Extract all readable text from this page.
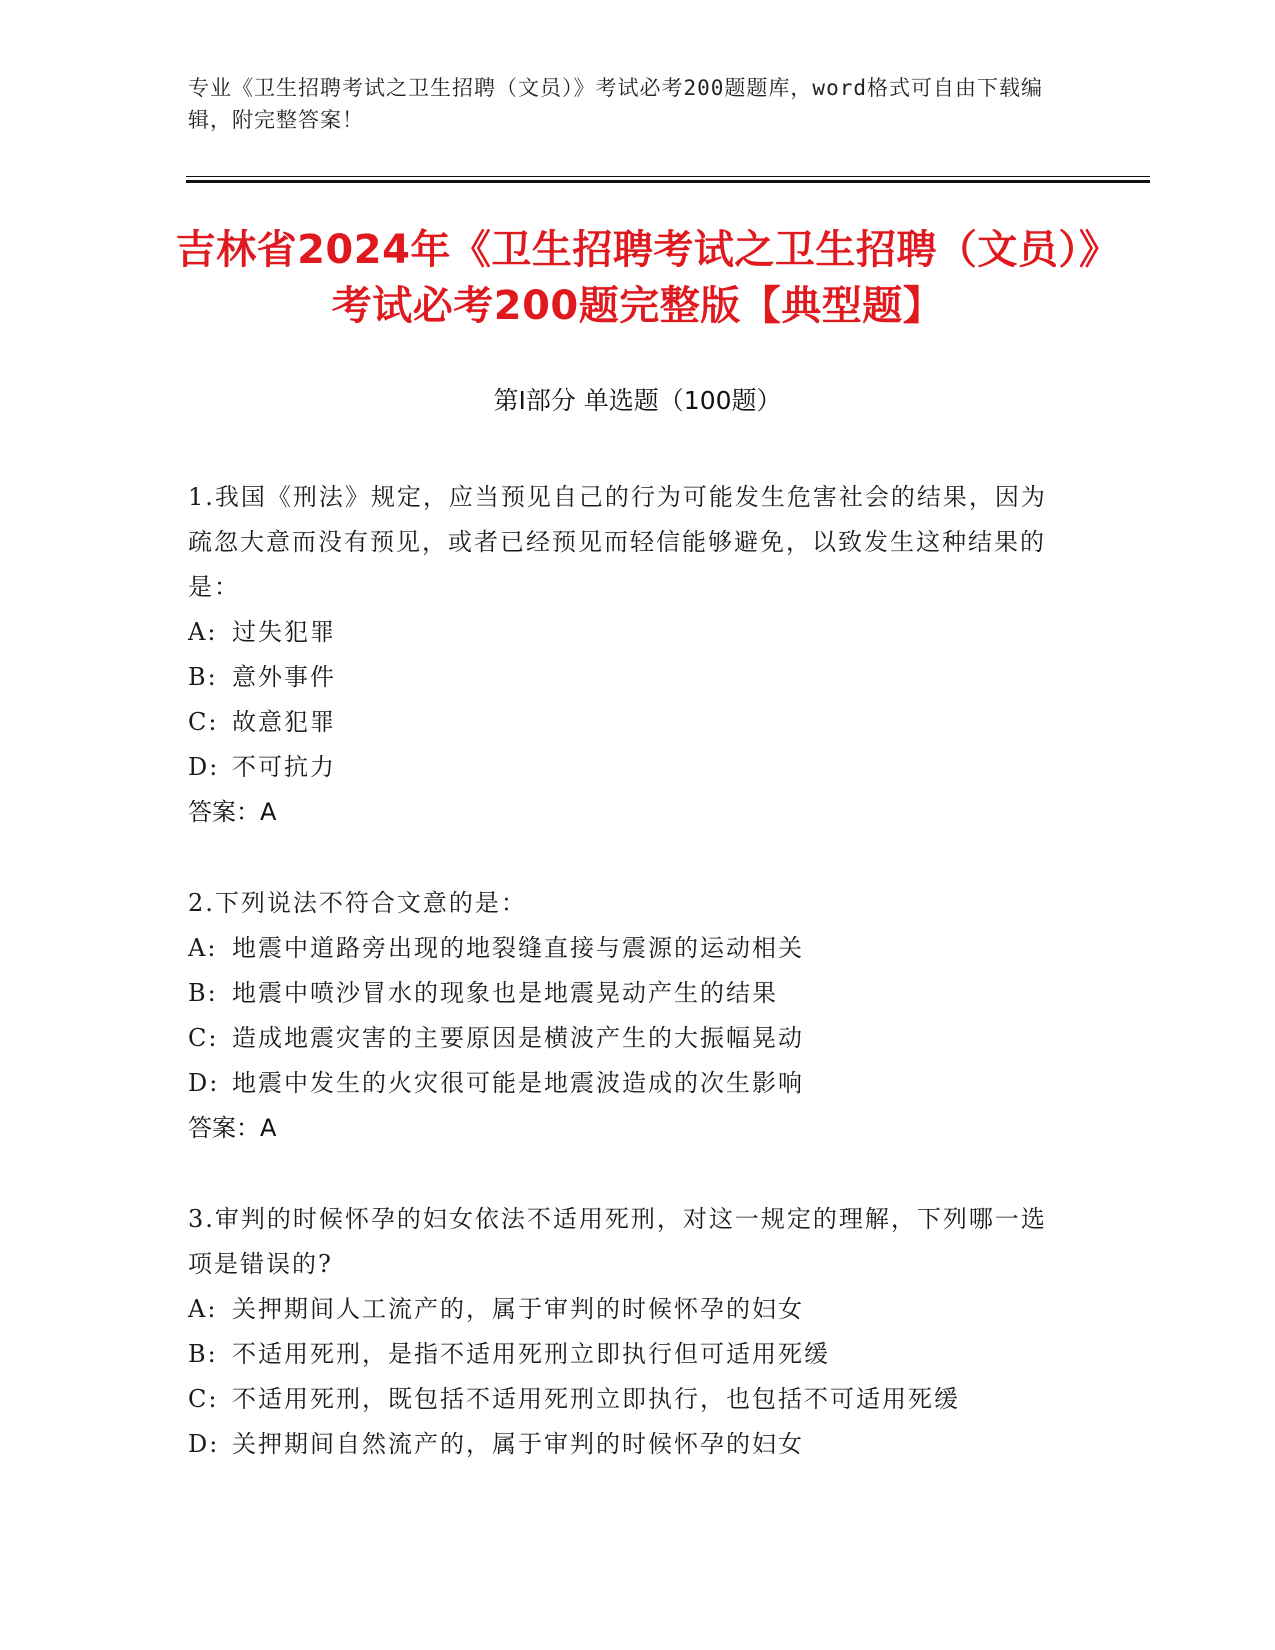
专业《卫生招聘考试之卫生招聘（文员）》考试必考200题题库，word格式可自由下载编辑，附完整答案！
吉林省2024年《卫生招聘考试之卫生招聘（文员）》考试必考200题完整版【典型题】
第I部分 单选题（100题）
1.我国《刑法》规定，应当预见自己的行为可能发生危害社会的结果，因为疏忽大意而没有预见，或者已经预见而轻信能够避免，以致发生这种结果的是：
A: 过失犯罪
B: 意外事件
C: 故意犯罪
D: 不可抗力
答案：A
2.下列说法不符合文意的是：
A: 地震中道路旁出现的地裂缝直接与震源的运动相关
B: 地震中喷沙冒水的现象也是地震晃动产生的结果
C: 造成地震灾害的主要原因是横波产生的大振幅晃动
D: 地震中发生的火灾很可能是地震波造成的次生影响
答案：A
3.审判的时候怀孕的妇女依法不适用死刑，对这一规定的理解，下列哪一选项是错误的?
A: 关押期间人工流产的，属于审判的时候怀孕的妇女
B: 不适用死刑，是指不适用死刑立即执行但可适用死缓
C: 不适用死刑，既包括不适用死刑立即执行，也包括不可适用死缓
D: 关押期间自然流产的，属于审判的时候怀孕的妇女
